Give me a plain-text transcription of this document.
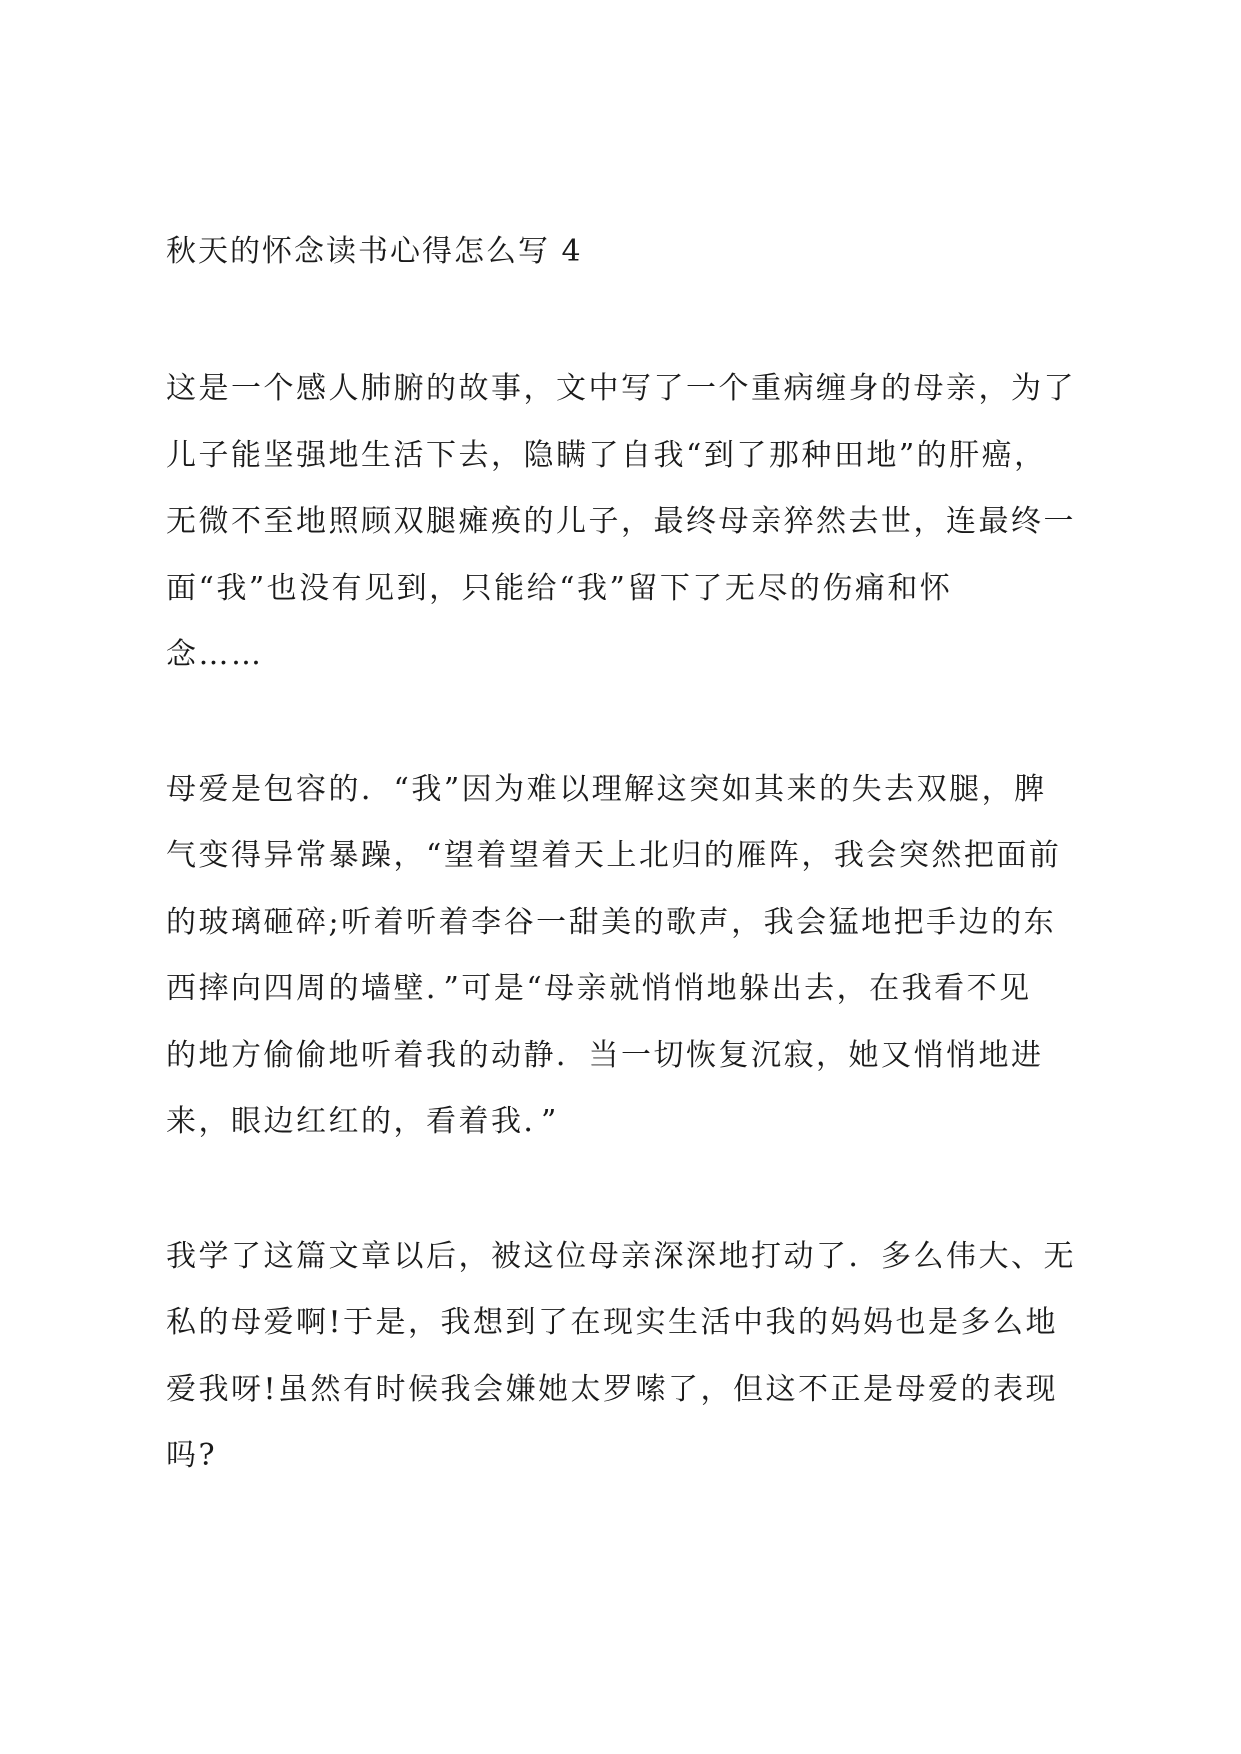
秋天的怀念读书心得怎么写 4

这是一个感人肺腑的故事，文中写了一个重病缠身的母亲，为了
儿子能坚强地生活下去，隐瞒了自我“到了那种田地”的肝癌，
无微不至地照顾双腿瘫痪的儿子，最终母亲猝然去世，连最终一
面“我”也没有见到，只能给“我”留下了无尽的伤痛和怀
念……

母爱是包容的．“我”因为难以理解这突如其来的失去双腿，脾
气变得异常暴躁，“望着望着天上北归的雁阵，我会突然把面前
的玻璃砸碎;听着听着李谷一甜美的歌声，我会猛地把手边的东
西摔向四周的墙壁．”可是“母亲就悄悄地躲出去，在我看不见
的地方偷偷地听着我的动静．当一切恢复沉寂，她又悄悄地进
来，眼边红红的，看着我．”

我学了这篇文章以后，被这位母亲深深地打动了．多么伟大、无
私的母爱啊!于是，我想到了在现实生活中我的妈妈也是多么地
爱我呀!虽然有时候我会嫌她太罗嗦了，但这不正是母爱的表现
吗?
